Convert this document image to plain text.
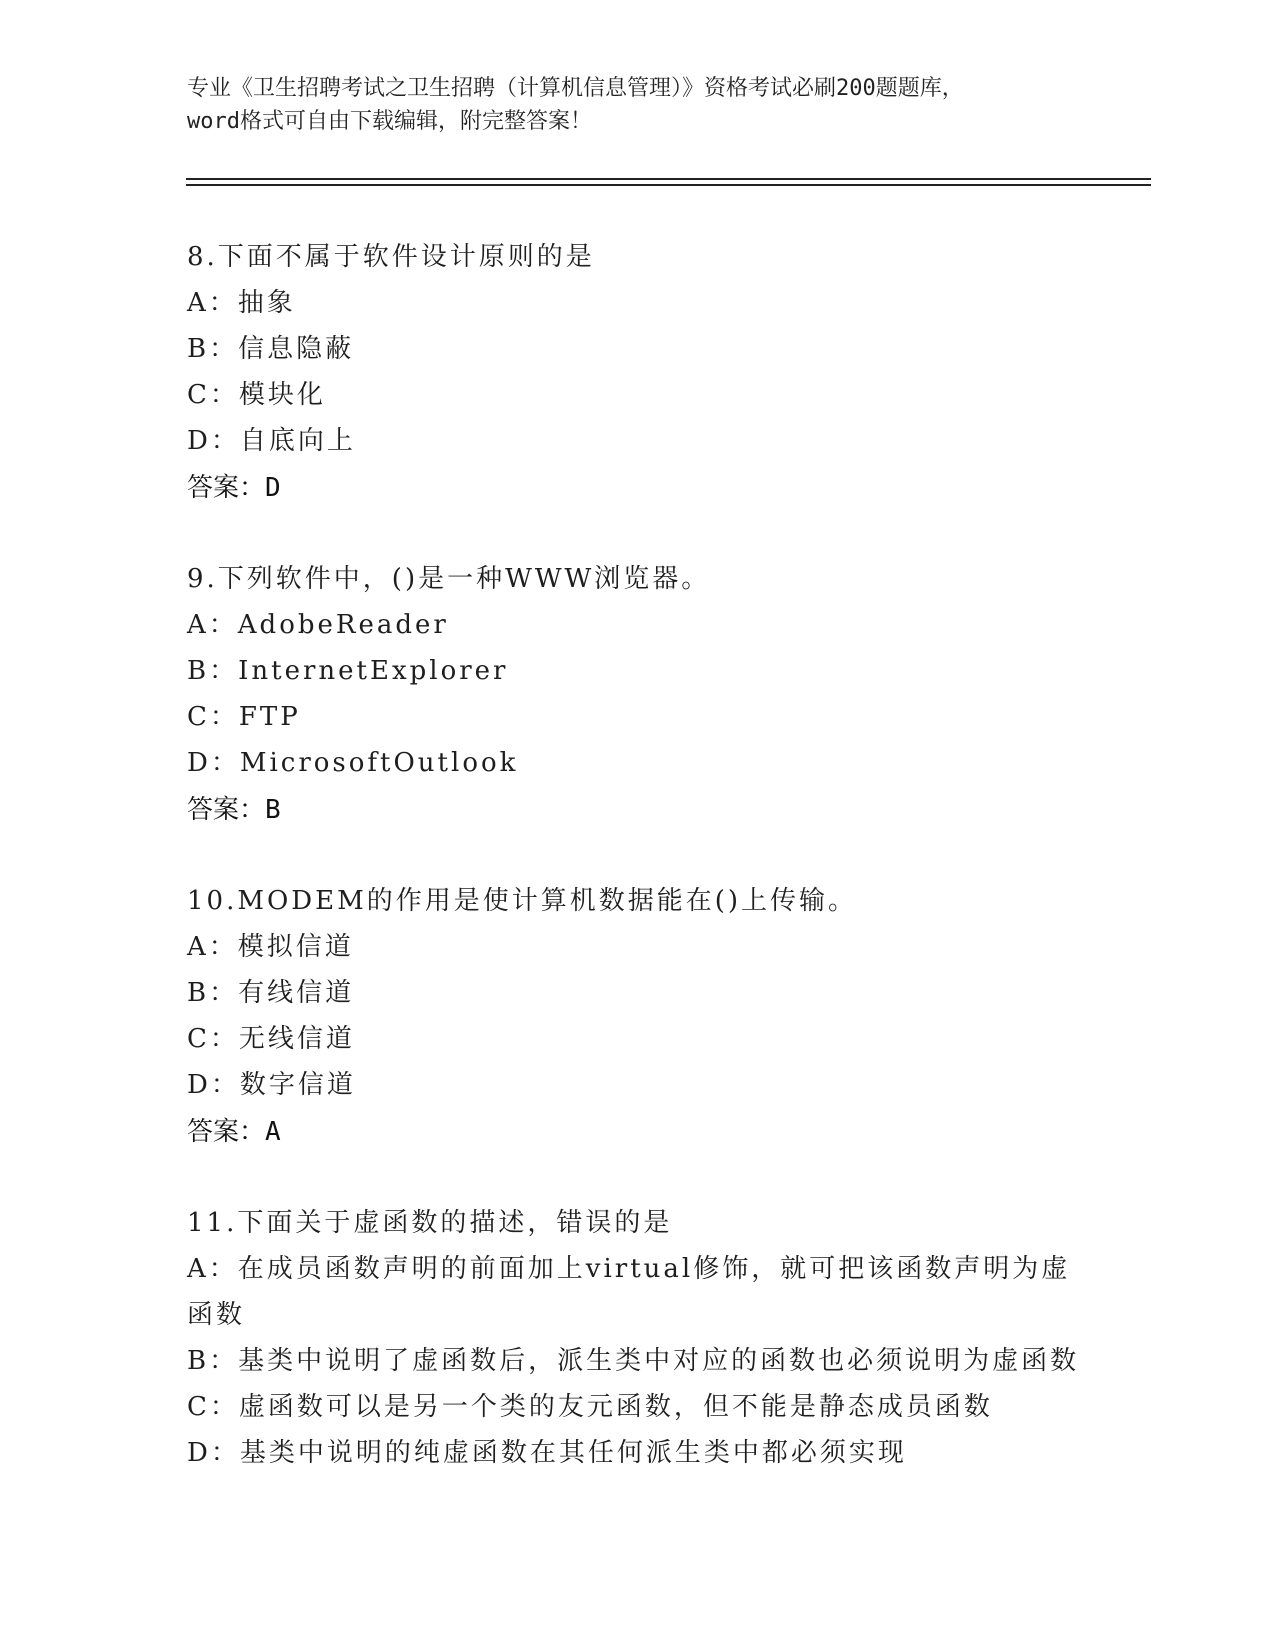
专业《卫生招聘考试之卫生招聘（计算机信息管理）》资格考试必刷200题题库，
word格式可自由下载编辑，附完整答案！
8.下面不属于软件设计原则的是
A：抽象
B：信息隐蔽
C：模块化
D：自底向上
答案：D
9.下列软件中，()是一种WWW浏览器。
A：AdobeReader
B：InternetExplorer
C：FTP
D：MicrosoftOutlook
答案：B
10.MODEM的作用是使计算机数据能在()上传输。
A：模拟信道
B：有线信道
C：无线信道
D：数字信道
答案：A
11.下面关于虚函数的描述，错误的是
A：在成员函数声明的前面加上virtual修饰，就可把该函数声明为虚函数
B：基类中说明了虚函数后，派生类中对应的函数也必须说明为虚函数
C：虚函数可以是另一个类的友元函数，但不能是静态成员函数
D：基类中说明的纯虚函数在其任何派生类中都必须实现
